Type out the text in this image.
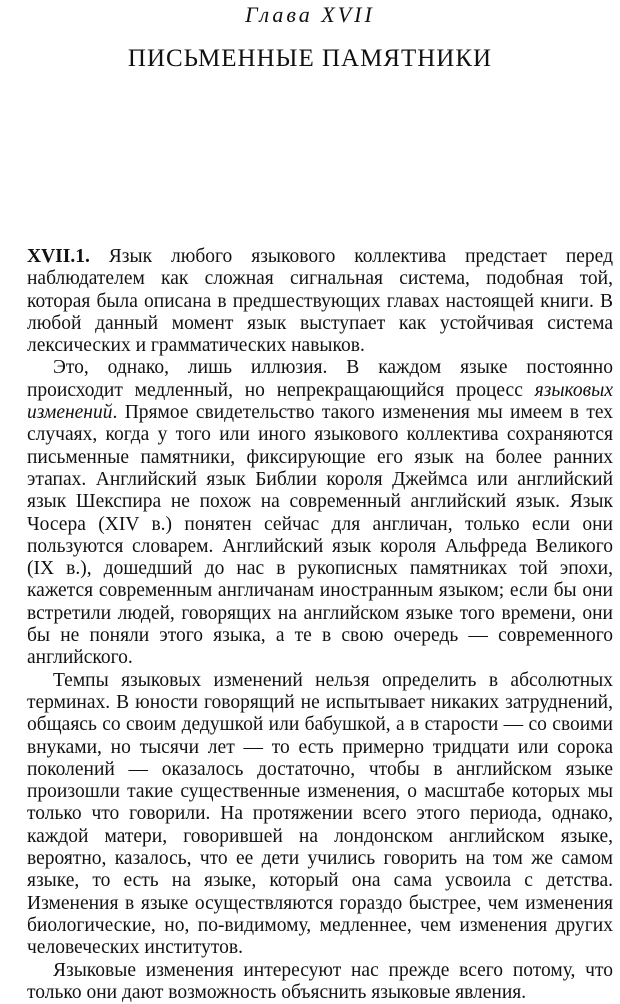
Глава XVII
ПИСЬМЕННЫЕ ПАМЯТНИКИ

XVII.1. Язык любого языкового коллектива предстает перед наблюдателем как сложная сигнальная система, подобная той, которая была описана в предшествующих главах настоящей книги. В любой данный момент язык выступает как устойчивая система лексических и грамматических навыков.

Это, однако, лишь иллюзия. В каждом языке постоянно происходит медленный, но непрекращающийся процесс языковых изменений. Прямое свидетельство такого изменения мы имеем в тех случаях, когда у того или иного языкового коллектива сохраняются письменные памятники, фиксирующие его язык на более ранних этапах. Английский язык Библии короля Джеймса или английский язык Шекспира не похож на современный английский язык. Язык Чосера (XIV в.) понятен сейчас для англичан, только если они пользуются словарем. Английский язык короля Альфреда Великого (IX в.), дошедший до нас в рукописных памятниках той эпохи, кажется современным англичанам иностранным языком; если бы они встретили людей, говорящих на английском языке того времени, они бы не поняли этого языка, а те в свою очередь — современного английского.

Темпы языковых изменений нельзя определить в абсолютных терминах. В юности говорящий не испытывает никаких затруднений, общаясь со своим дедушкой или бабушкой, а в старости — со своими внуками, но тысячи лет — то есть примерно тридцати или сорока поколений — оказалось достаточно, чтобы в английском языке произошли такие существенные изменения, о масштабе которых мы только что говорили. На протяжении всего этого периода, однако, каждой матери, говорившей на лондонском английском языке, вероятно, казалось, что ее дети учились говорить на том же самом языке, то есть на языке, который она сама усвоила с детства. Изменения в языке осуществляются гораздо быстрее, чем изменения биологические, но, по-видимому, медленнее, чем изменения других человеческих институтов.

Языковые изменения интересуют нас прежде всего потому, что только они дают возможность объяснить языковые явления.
